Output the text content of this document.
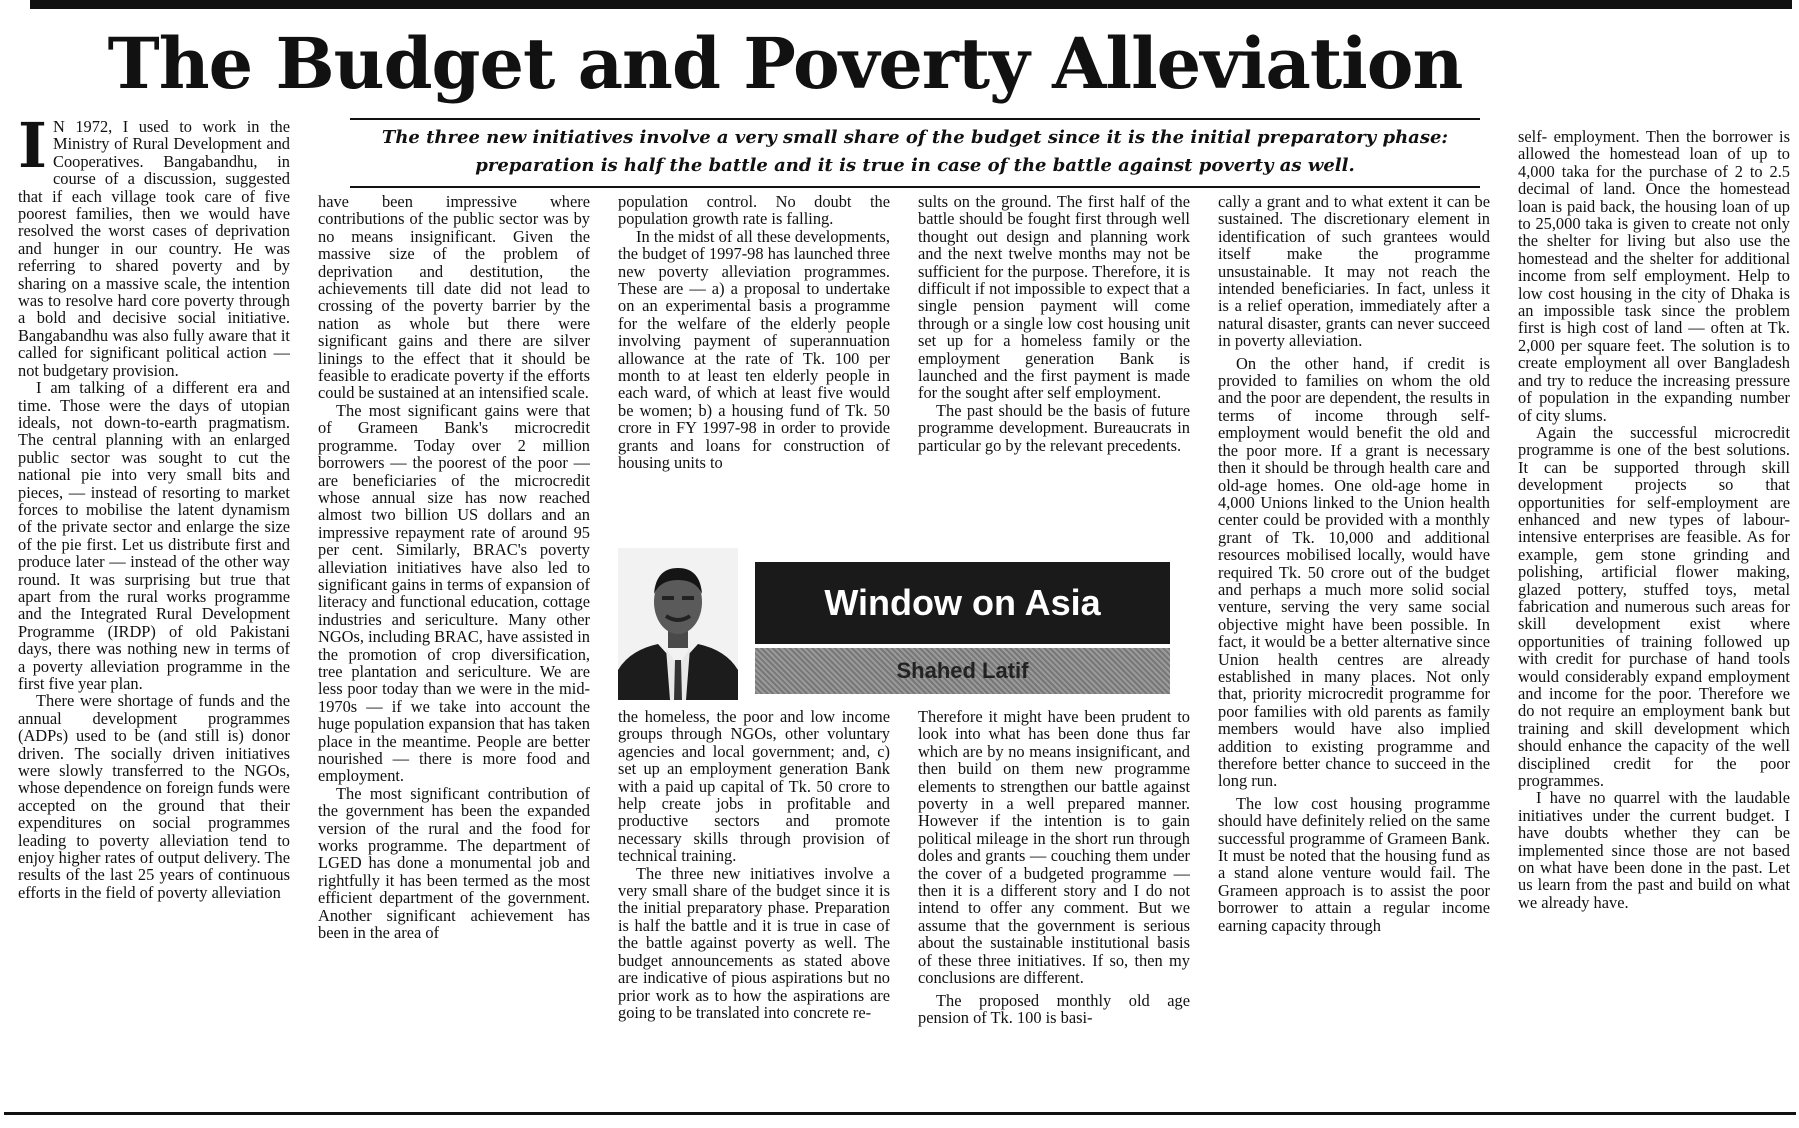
The Budget and Poverty Alleviation
The three new initiatives involve a very small share of the budget since it is the initial preparatory phase:
preparation is half the battle and it is true in case of the battle against poverty as well.

I N 1972, I used to work in the Ministry of Rural Development and Cooperatives. Bangabandhu, in course of a discussion, suggested that if each village took care of five poorest families, then we would have resolved the worst cases of deprivation and hunger in our country. He was referring to shared poverty and by sharing on a massive scale, the intention was to resolve hard core poverty through a bold and decisive social initiative. Bangabandhu was also fully aware that it called for significant political action — not budgetary provision.

I am talking of a different era and time. Those were the days of utopian ideals, not down-to-earth pragmatism. The central planning with an enlarged public sector was sought to cut the national pie into very small bits and pieces, — instead of resorting to market forces to mobilise the latent dynamism of the private sector and enlarge the size of the pie first. Let us distribute first and produce later — instead of the other way round. It was surprising but true that apart from the rural works programme and the Integrated Rural Development Programme (IRDP) of old Pakistani days, there was nothing new in terms of a poverty alleviation programme in the first five year plan.

There were shortage of funds and the annual development programmes (ADPs) used to be (and still is) donor driven. The socially driven initiatives were slowly transferred to the NGOs, whose dependence on foreign funds were accepted on the ground that their expenditures on social programmes leading to poverty alleviation tend to enjoy higher rates of output delivery. The results of the last 25 years of continuous efforts in the field of poverty alleviation

have been impressive where contributions of the public sector was by no means insignificant. Given the massive size of the problem of deprivation and destitution, the achievements till date did not lead to crossing of the poverty barrier by the nation as whole but there were significant gains and there are silver linings to the effect that it should be feasible to eradicate poverty if the efforts could be sustained at an intensified scale.

The most significant gains were that of Grameen Bank's microcredit programme. Today over 2 million borrowers — the poorest of the poor — are beneficiaries of the microcredit whose annual size has now reached almost two billion US dollars and an impressive repayment rate of around 95 per cent. Similarly, BRAC's poverty alleviation initiatives have also led to significant gains in terms of expansion of literacy and functional education, cottage industries and sericulture. Many other NGOs, including BRAC, have assisted in the promotion of crop diversification, tree plantation and sericulture. We are less poor today than we were in the mid-1970s — if we take into account the huge population expansion that has taken place in the meantime. People are better nourished — there is more food and employment.

The most significant contribution of the government has been the expanded version of the rural and the food for works programme. The department of LGED has done a monumental job and rightfully it has been termed as the most efficient department of the government. Another significant achievement has been in the area of

population control. No doubt the population growth rate is falling.

In the midst of all these developments, the budget of 1997-98 has launched three new poverty alleviation programmes. These are — a) a proposal to undertake on an experimental basis a programme for the welfare of the elderly people involving payment of superannuation allowance at the rate of Tk. 100 per month to at least ten elderly people in each ward, of which at least five would be women; b) a housing fund of Tk. 50 crore in FY 1997-98 in order to provide grants and loans for construction of housing units to

sults on the ground. The first half of the battle should be fought first through well thought out design and planning work and the next twelve months may not be sufficient for the purpose. Therefore, it is difficult if not impossible to expect that a single pension payment will come through or a single low cost housing unit set up for a homeless family or the employment generation Bank is launched and the first payment is made for the sought after self employment.

The past should be the basis of future programme development. Bureaucrats in particular go by the relevant precedents.

Window on Asia
Shahed Latif

the homeless, the poor and low income groups through NGOs, other voluntary agencies and local government; and, c) set up an employment generation Bank with a paid up capital of Tk. 50 crore to help create jobs in profitable and productive sectors and promote necessary skills through provision of technical training.

The three new initiatives involve a very small share of the budget since it is the initial preparatory phase. Preparation is half the battle and it is true in case of the battle against poverty as well. The budget announcements as stated above are indicative of pious aspirations but no prior work as to how the aspirations are going to be translated into concrete re-

Therefore it might have been prudent to look into what has been done thus far which are by no means insignificant, and then build on them new programme elements to strengthen our battle against poverty in a well prepared manner. However if the intention is to gain political mileage in the short run through doles and grants — couching them under the cover of a budgeted programme — then it is a different story and I do not intend to offer any comment. But we assume that the government is serious about the sustainable institutional basis of these three initiatives. If so, then my conclusions are different.

The proposed monthly old age pension of Tk. 100 is basi-

cally a grant and to what extent it can be sustained. The discretionary element in identification of such grantees would itself make the programme unsustainable. It may not reach the intended beneficiaries. In fact, unless it is a relief operation, immediately after a natural disaster, grants can never succeed in poverty alleviation.

On the other hand, if credit is provided to families on whom the old and the poor are dependent, the results in terms of income through self-employment would benefit the old and the poor more. If a grant is necessary then it should be through health care and old-age homes. One old-age home in 4,000 Unions linked to the Union health center could be provided with a monthly grant of Tk. 10,000 and additional resources mobilised locally, would have required Tk. 50 crore out of the budget and perhaps a much more solid social venture, serving the very same social objective might have been possible. In fact, it would be a better alternative since Union health centres are already established in many places. Not only that, priority microcredit programme for poor families with old parents as family members would have also implied addition to existing programme and therefore better chance to succeed in the long run.

The low cost housing programme should have definitely relied on the same successful programme of Grameen Bank. It must be noted that the housing fund as a stand alone venture would fail. The Grameen approach is to assist the poor borrower to attain a regular income earning capacity through

self- employment. Then the borrower is allowed the homestead loan of up to 4,000 taka for the purchase of 2 to 2.5 decimal of land. Once the homestead loan is paid back, the housing loan of up to 25,000 taka is given to create not only the shelter for living but also use the homestead and the shelter for additional income from self employment. Help to low cost housing in the city of Dhaka is an impossible task since the problem first is high cost of land — often at Tk. 2,000 per square feet. The solution is to create employment all over Bangladesh and try to reduce the increasing pressure of population in the expanding number of city slums.

Again the successful microcredit programme is one of the best solutions. It can be supported through skill development projects so that opportunities for self-employment are enhanced and new types of labour-intensive enterprises are feasible. As for example, gem stone grinding and polishing, artificial flower making, glazed pottery, stuffed toys, metal fabrication and numerous such areas for skill development exist where opportunities of training followed up with credit for purchase of hand tools would considerably expand employment and income for the poor. Therefore we do not require an employment bank but training and skill development which should enhance the capacity of the well disciplined credit for the poor programmes.

I have no quarrel with the laudable initiatives under the current budget. I have doubts whether they can be implemented since those are not based on what have been done in the past. Let us learn from the past and build on what we already have.
